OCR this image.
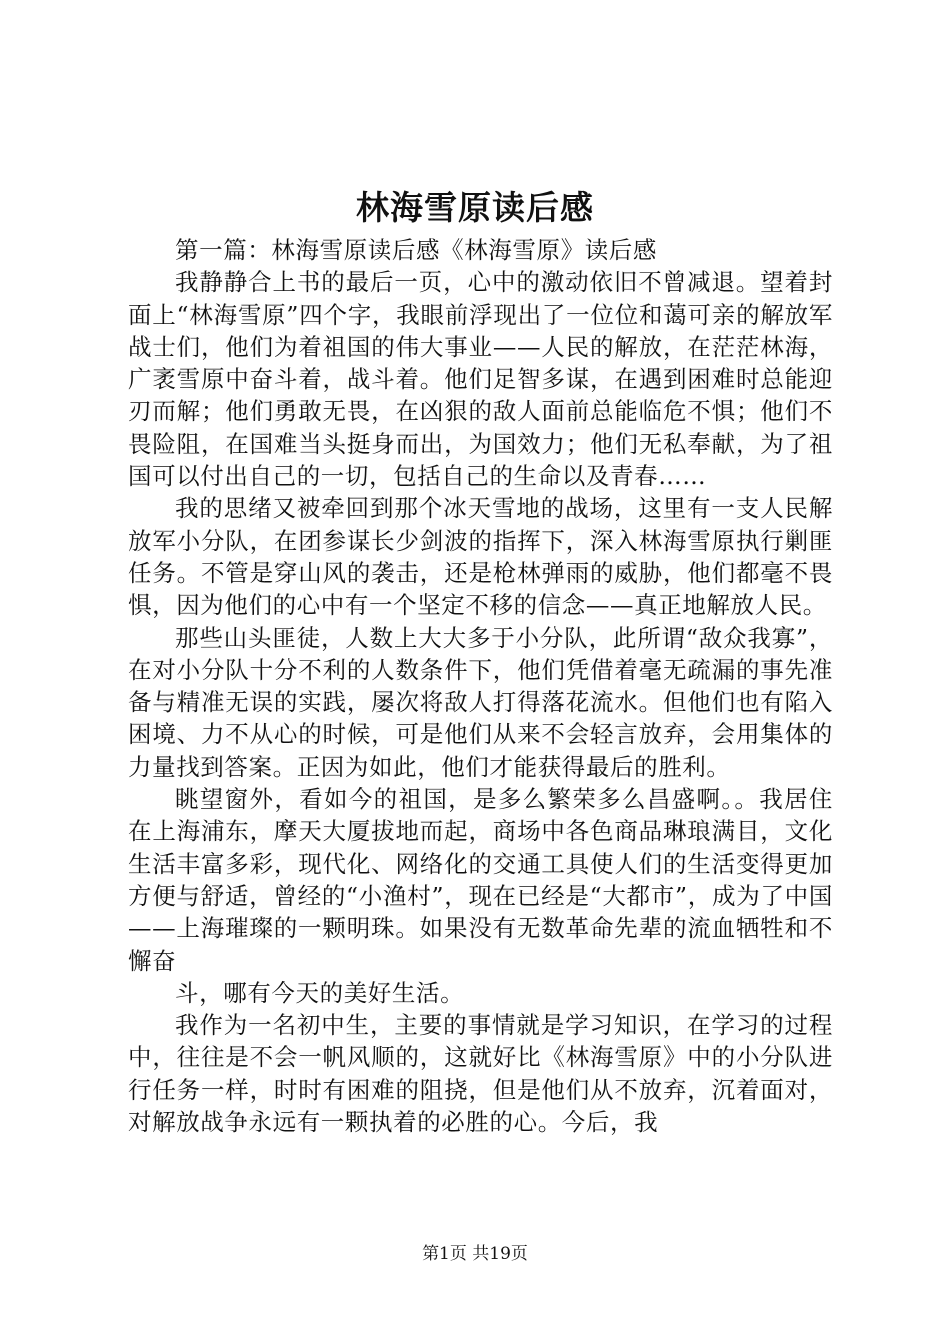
林海雪原读后感

第一篇：林海雪原读后感《林海雪原》读后感

我静静合上书的最后一页，心中的激动依旧不曾减退。望着封面上“林海雪原”四个字，我眼前浮现出了一位位和蔼可亲的解放军战士们，他们为着祖国的伟大事业——人民的解放，在茫茫林海，广袤雪原中奋斗着，战斗着。他们足智多谋，在遇到困难时总能迎刃而解；他们勇敢无畏，在凶狠的敌人面前总能临危不惧；他们不畏险阻，在国难当头挺身而出，为国效力；他们无私奉献，为了祖国可以付出自己的一切，包括自己的生命以及青春……

我的思绪又被牵回到那个冰天雪地的战场，这里有一支人民解放军小分队，在团参谋长少剑波的指挥下，深入林海雪原执行剿匪任务。不管是穿山风的袭击，还是枪林弹雨的威胁，他们都毫不畏惧，因为他们的心中有一个坚定不移的信念——真正地解放人民。

那些山头匪徒，人数上大大多于小分队，此所谓“敌众我寡”，在对小分队十分不利的人数条件下，他们凭借着毫无疏漏的事先准备与精准无误的实践，屡次将敌人打得落花流水。但他们也有陷入困境、力不从心的时候，可是他们从来不会轻言放弃，会用集体的力量找到答案。正因为如此，他们才能获得最后的胜利。

眺望窗外，看如今的祖国，是多么繁荣多么昌盛啊。。我居住在上海浦东，摩天大厦拔地而起，商场中各色商品琳琅满目，文化生活丰富多彩，现代化、网络化的交通工具使人们的生活变得更加方便与舒适，曾经的“小渔村”，现在已经是“大都市”，成为了中国——上海璀璨的一颗明珠。如果没有无数革命先辈的流血牺牲和不懈奋

斗，哪有今天的美好生活。

我作为一名初中生，主要的事情就是学习知识，在学习的过程中，往往是不会一帆风顺的，这就好比《林海雪原》中的小分队进行任务一样，时时有困难的阻挠，但是他们从不放弃，沉着面对，对解放战争永远有一颗执着的必胜的心。今后，我

第1页 共19页
